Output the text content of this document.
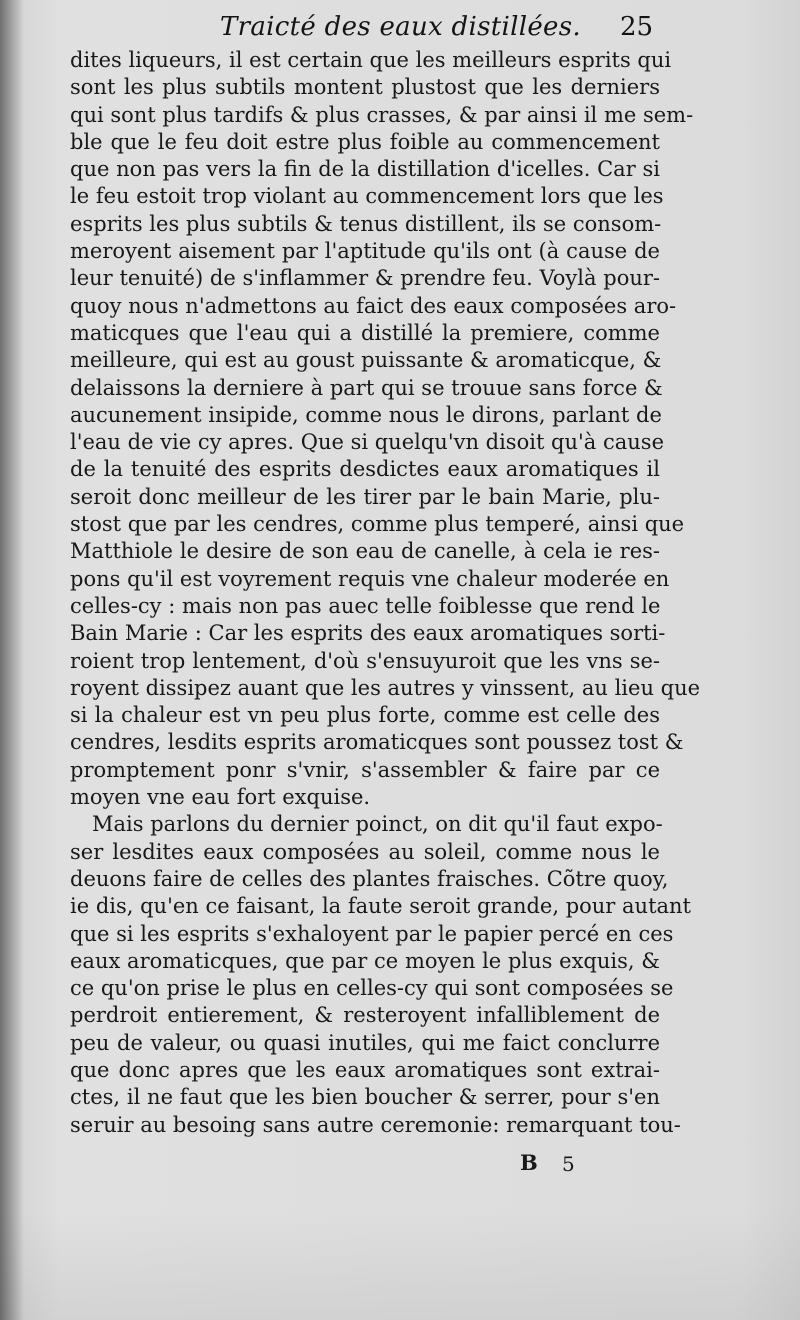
Traicté des eaux distillées. 25
dites liqueurs, il est certain que les meilleurs esprits qui
sont les plus subtils montent plustost que les derniers
qui sont plus tardifs & plus crasses, & par ainsi il me sem-
ble que le feu doit estre plus foible au commencement
que non pas vers la fin de la distillation d'icelles. Car si
le feu estoit trop violant au commencement lors que les
esprits les plus subtils & tenus distillent, ils se consom-
meroyent aisement par l'aptitude qu'ils ont (à cause de
leur tenuité) de s'inflammer & prendre feu. Voylà pour-
quoy nous n'admettons au faict des eaux composées aro-
maticques que l'eau qui a distillé la premiere, comme
meilleure, qui est au goust puissante & aromaticque, &
delaissons la derniere à part qui se trouue sans force &
aucunement insipide, comme nous le dirons, parlant de
l'eau de vie cy apres. Que si quelqu'vn disoit qu'à cause
de la tenuité des esprits desdictes eaux aromatiques il
seroit donc meilleur de les tirer par le bain Marie, plu-
stost que par les cendres, comme plus temperé, ainsi que
Matthiole le desire de son eau de canelle, à cela ie res-
pons qu'il est voyrement requis vne chaleur moderée en
celles-cy : mais non pas auec telle foiblesse que rend le
Bain Marie : Car les esprits des eaux aromatiques sorti-
roient trop lentement, d'où s'ensuyuroit que les vns se-
royent dissipez auant que les autres y vinssent, au lieu que
si la chaleur est vn peu plus forte, comme est celle des
cendres, lesdits esprits aromaticques sont poussez tost &
promptement ponr s'vnir, s'assembler & faire par ce
moyen vne eau fort exquise.
Mais parlons du dernier poinct, on dit qu'il faut expo-
ser lesdites eaux composées au soleil, comme nous le
deuons faire de celles des plantes fraisches. Cõtre quoy,
ie dis, qu'en ce faisant, la faute seroit grande, pour autant
que si les esprits s'exhaloyent par le papier percé en ces
eaux aromaticques, que par ce moyen le plus exquis, &
ce qu'on prise le plus en celles-cy qui sont composées se
perdroit entierement, & resteroyent infalliblement de
peu de valeur, ou quasi inutiles, qui me faict conclurre
que donc apres que les eaux aromatiques sont extrai-
ctes, il ne faut que les bien boucher & serrer, pour s'en
seruir au besoing sans autre ceremonie: remarquant tou-
B 5
